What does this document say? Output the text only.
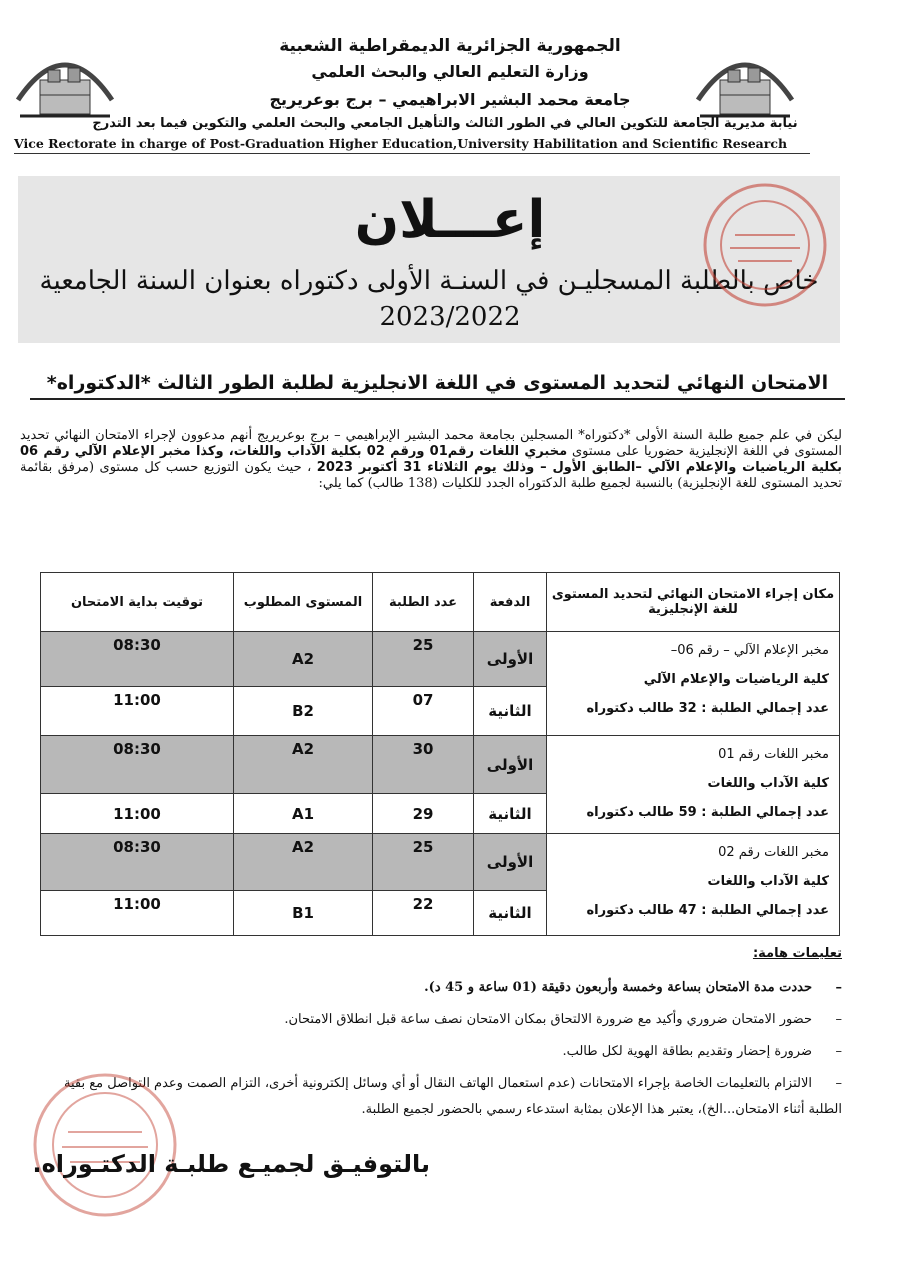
الجمهورية الجزائرية الديمقراطية الشعبية
وزارة التعليم العالي والبحث العلمي
جامعة محمد البشير الابراهيمي – برج بوعريريج
نيابة مديرية الجامعة للتكوين العالي في الطور الثالث والتأهيل الجامعي والبحث العلمي والتكوين فيما بعد التدرج
Vice Rectorate in charge of Post-Graduation Higher Education,University Habilitation and Scientific Research
إعـــلان
خاص بالطلبة المسجليـن في السنـة الأولى دكتوراه بعنوان السنة الجامعية
2023/2022
الامتحان النهائي لتحديد المستوى في اللغة الانجليزية لطلبة الطور الثالث *الدكتوراه*
ليكن في علم جميع طلبة السنة الأولى *دكتوراه* المسجلين بجامعة محمد البشير الإبراهيمي – برج بوعريريج أنهم مدعوون لإجراء الامتحان النهائي تحديد المستوى في اللغة الإنجليزية حضوريا على مستوى مخبري اللغات رقم01 ورقم 02 بكلية الآداب واللغات، وكذا مخبر الإعلام الآلي رقم 06 بكلية الرياضيات والإعلام الآلي –الطابق الأول – وذلك يوم الثلاثاء 31 أكتوبر 2023 ، حيث يكون التوزيع حسب كل مستوى (مرفق بقائمة تحديد المستوى للغة الإنجليزية) بالنسبة لجميع طلبة الدكتوراه الجدد للكليات (138 طالب) كما يلي:
مكان إجراء الامتحان النهائي لتحديد المستوى للغة الإنجليزية	الدفعة	عدد الطلبة	المستوى المطلوب	توقيت بداية الامتحان

مخبر الإعلام الآلي – رقم 06–
كلية الرياضيات والإعلام الآلي
عدد إجمالي الطلبة : 32 طالب دكتوراه	الأولى	25	A2	08:30
	الثانية	07	B2	11:00

مخبر اللغات رقم 01
كلية الآداب واللغات
عدد إجمالي الطلبة : 59 طالب دكتوراه	الأولى	30	A2	08:30
	الثانية	29	A1	11:00

مخبر اللغات رقم 02
كلية الآداب واللغات
عدد إجمالي الطلبة : 47 طالب دكتوراه	الأولى	25	A2	08:30
	الثانية	22	B1	11:00
تعليمات هامة:
–حددت مدة الامتحان بساعة وخمسة وأربعون دقيقة (01 ساعة و 45 د).
–حضور الامتحان ضروري وأكيد مع ضرورة الالتحاق بمكان الامتحان نصف ساعة قبل انطلاق الامتحان.
–ضرورة إحضار وتقديم بطاقة الهوية لكل طالب.
–الالتزام بالتعليمات الخاصة بإجراء الامتحانات (عدم استعمال الهاتف النقال أو أي وسائل إلكترونية أخرى، التزام الصمت وعدم التواصل مع بقية الطلبة أثناء الامتحان...الخ)، يعتبر هذا الإعلان بمثابة استدعاء رسمي بالحضور لجميع الطلبة.
بالتوفيـق لجميـع طلبـة الدكتـوراه.
